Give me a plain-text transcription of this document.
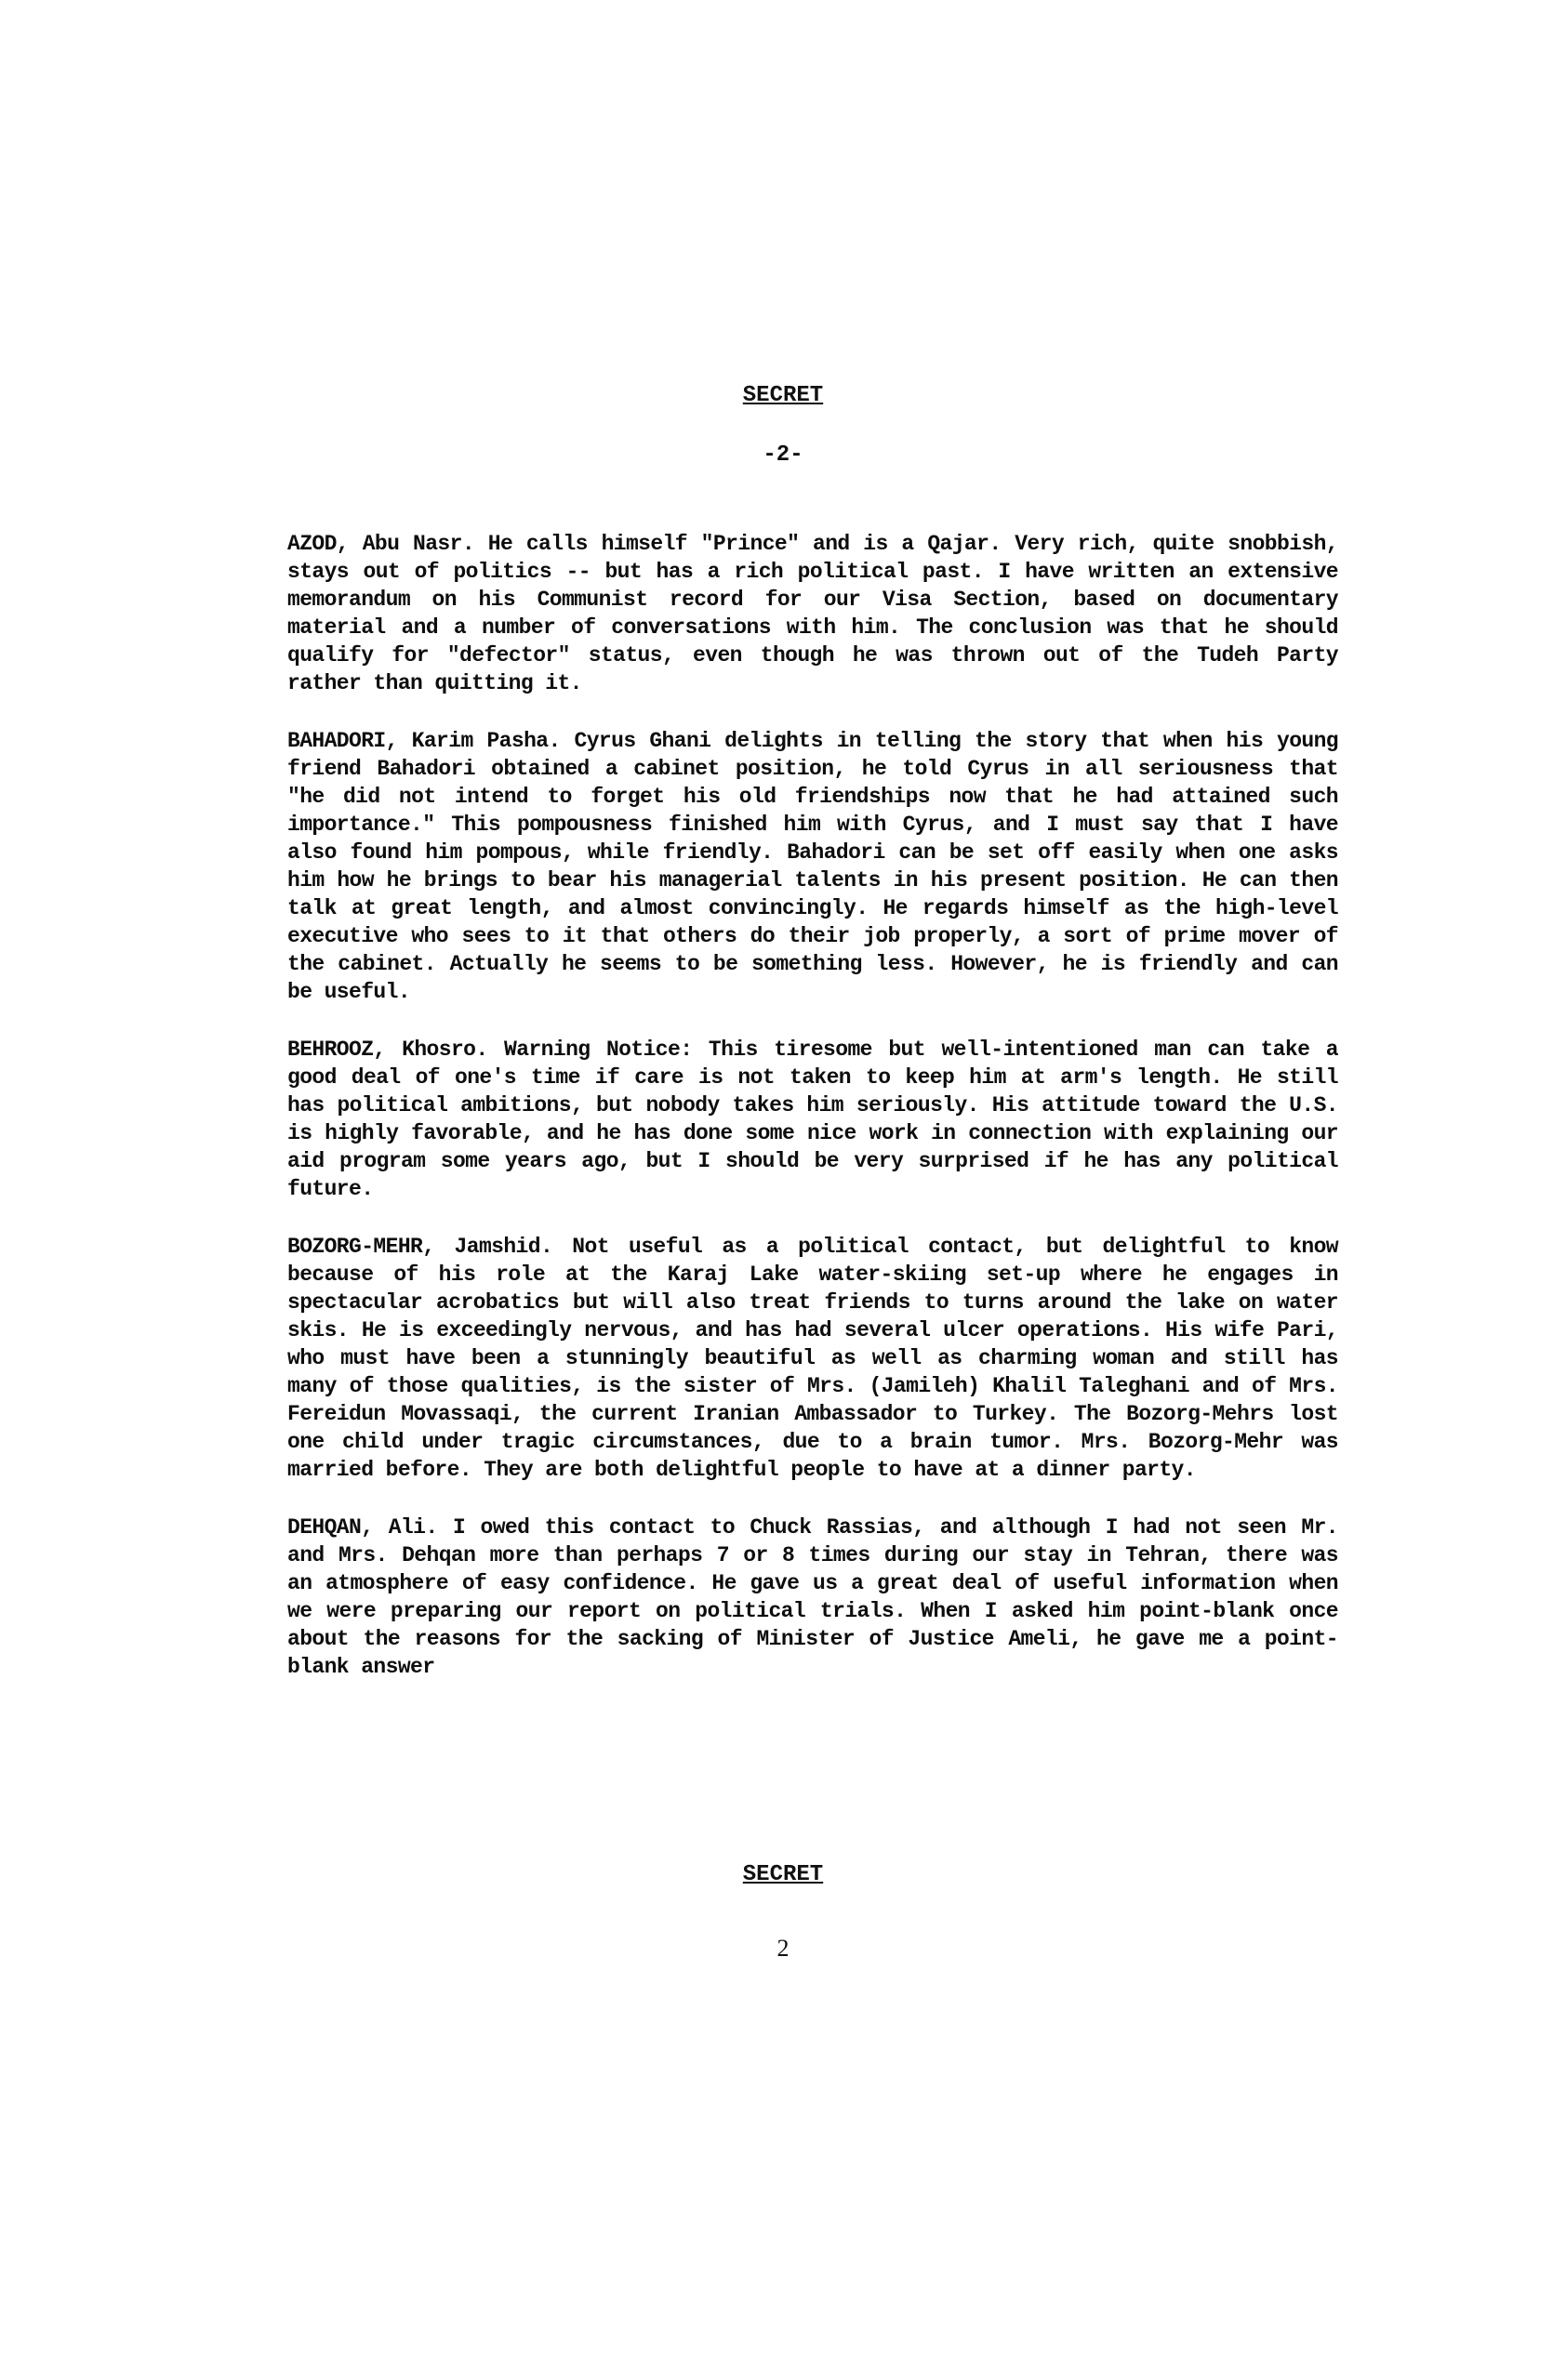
SECRET
-2-

AZOD, Abu Nasr. He calls himself "Prince" and is a Qajar. Very rich, quite snobbish, stays out of politics -- but has a rich political past. I have written an extensive memorandum on his Communist record for our Visa Section, based on documentary material and a number of conversations with him. The conclusion was that he should qualify for "defector" status, even though he was thrown out of the Tudeh Party rather than quitting it.

BAHADORI, Karim Pasha. Cyrus Ghani delights in telling the story that when his young friend Bahadori obtained a cabinet position, he told Cyrus in all seriousness that "he did not intend to forget his old friendships now that he had attained such importance." This pompousness finished him with Cyrus, and I must say that I have also found him pompous, while friendly. Bahadori can be set off easily when one asks him how he brings to bear his managerial talents in his present position. He can then talk at great length, and almost convincingly. He regards himself as the high-level executive who sees to it that others do their job properly, a sort of prime mover of the cabinet. Actually he seems to be something less. However, he is friendly and can be useful.

BEHROOZ, Khosro. Warning Notice: This tiresome but well-intentioned man can take a good deal of one's time if care is not taken to keep him at arm's length. He still has political ambitions, but nobody takes him seriously. His attitude toward the U.S. is highly favorable, and he has done some nice work in connection with explaining our aid program some years ago, but I should be very surprised if he has any political future.

BOZORG-MEHR, Jamshid. Not useful as a political contact, but delightful to know because of his role at the Karaj Lake water-skiing set-up where he engages in spectacular acrobatics but will also treat friends to turns around the lake on water skis. He is exceedingly nervous, and has had several ulcer operations. His wife Pari, who must have been a stunningly beautiful as well as charming woman and still has many of those qualities, is the sister of Mrs. (Jamileh) Khalil Taleghani and of Mrs. Fereidun Movassaqi, the current Iranian Ambassador to Turkey. The Bozorg-Mehrs lost one child under tragic circumstances, due to a brain tumor. Mrs. Bozorg-Mehr was married before. They are both delightful people to have at a dinner party.

DEHQAN, Ali. I owed this contact to Chuck Rassias, and although I had not seen Mr. and Mrs. Dehqan more than perhaps 7 or 8 times during our stay in Tehran, there was an atmosphere of easy confidence. He gave us a great deal of useful information when we were preparing our report on political trials. When I asked him point-blank once about the reasons for the sacking of Minister of Justice Ameli, he gave me a point-blank answer

SECRET
2
